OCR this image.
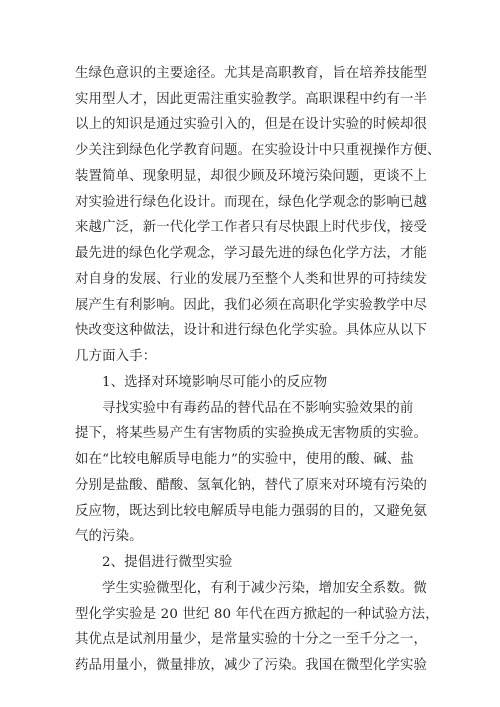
生绿色意识的主要途径。尤其是高职教育，旨在培养技能型
实用型人才，因此更需注重实验教学。高职课程中约有一半
以上的知识是通过实验引入的，但是在设计实验的时候却很
少关注到绿色化学教育问题。在实验设计中只重视操作方便、
装置简单、现象明显，却很少顾及环境污染问题，更谈不上
对实验进行绿色化设计。而现在，绿色化学观念的影响已越
来越广泛，新一代化学工作者只有尽快跟上时代步伐，接受
最先进的绿色化学观念，学习最先进的绿色化学方法，才能
对自身的发展、行业的发展乃至整个人类和世界的可持续发
展产生有利影响。因此，我们必须在高职化学实验教学中尽
快改变这种做法，设计和进行绿色化学实验。具体应从以下
几方面入手：
1、选择对环境影响尽可能小的反应物
寻找实验中有毒药品的替代品在不影响实验效果的前
提下，将某些易产生有害物质的实验换成无害物质的实验。
如在“比较电解质导电能力”的实验中，使用的酸、碱、盐
分别是盐酸、醋酸、氢氧化钠，替代了原来对环境有污染的
反应物，既达到比较电解质导电能力强弱的目的，又避免氨
气的污染。
2、提倡进行微型实验
学生实验微型化，有利于减少污染，增加安全系数。微
型化学实验是 20 世纪 80 年代在西方掀起的一种试验方法，
其优点是试剂用量少，是常量实验的十分之一至千分之一，
药品用量小，微量排放，减少了污染。我国在微型化学实验
